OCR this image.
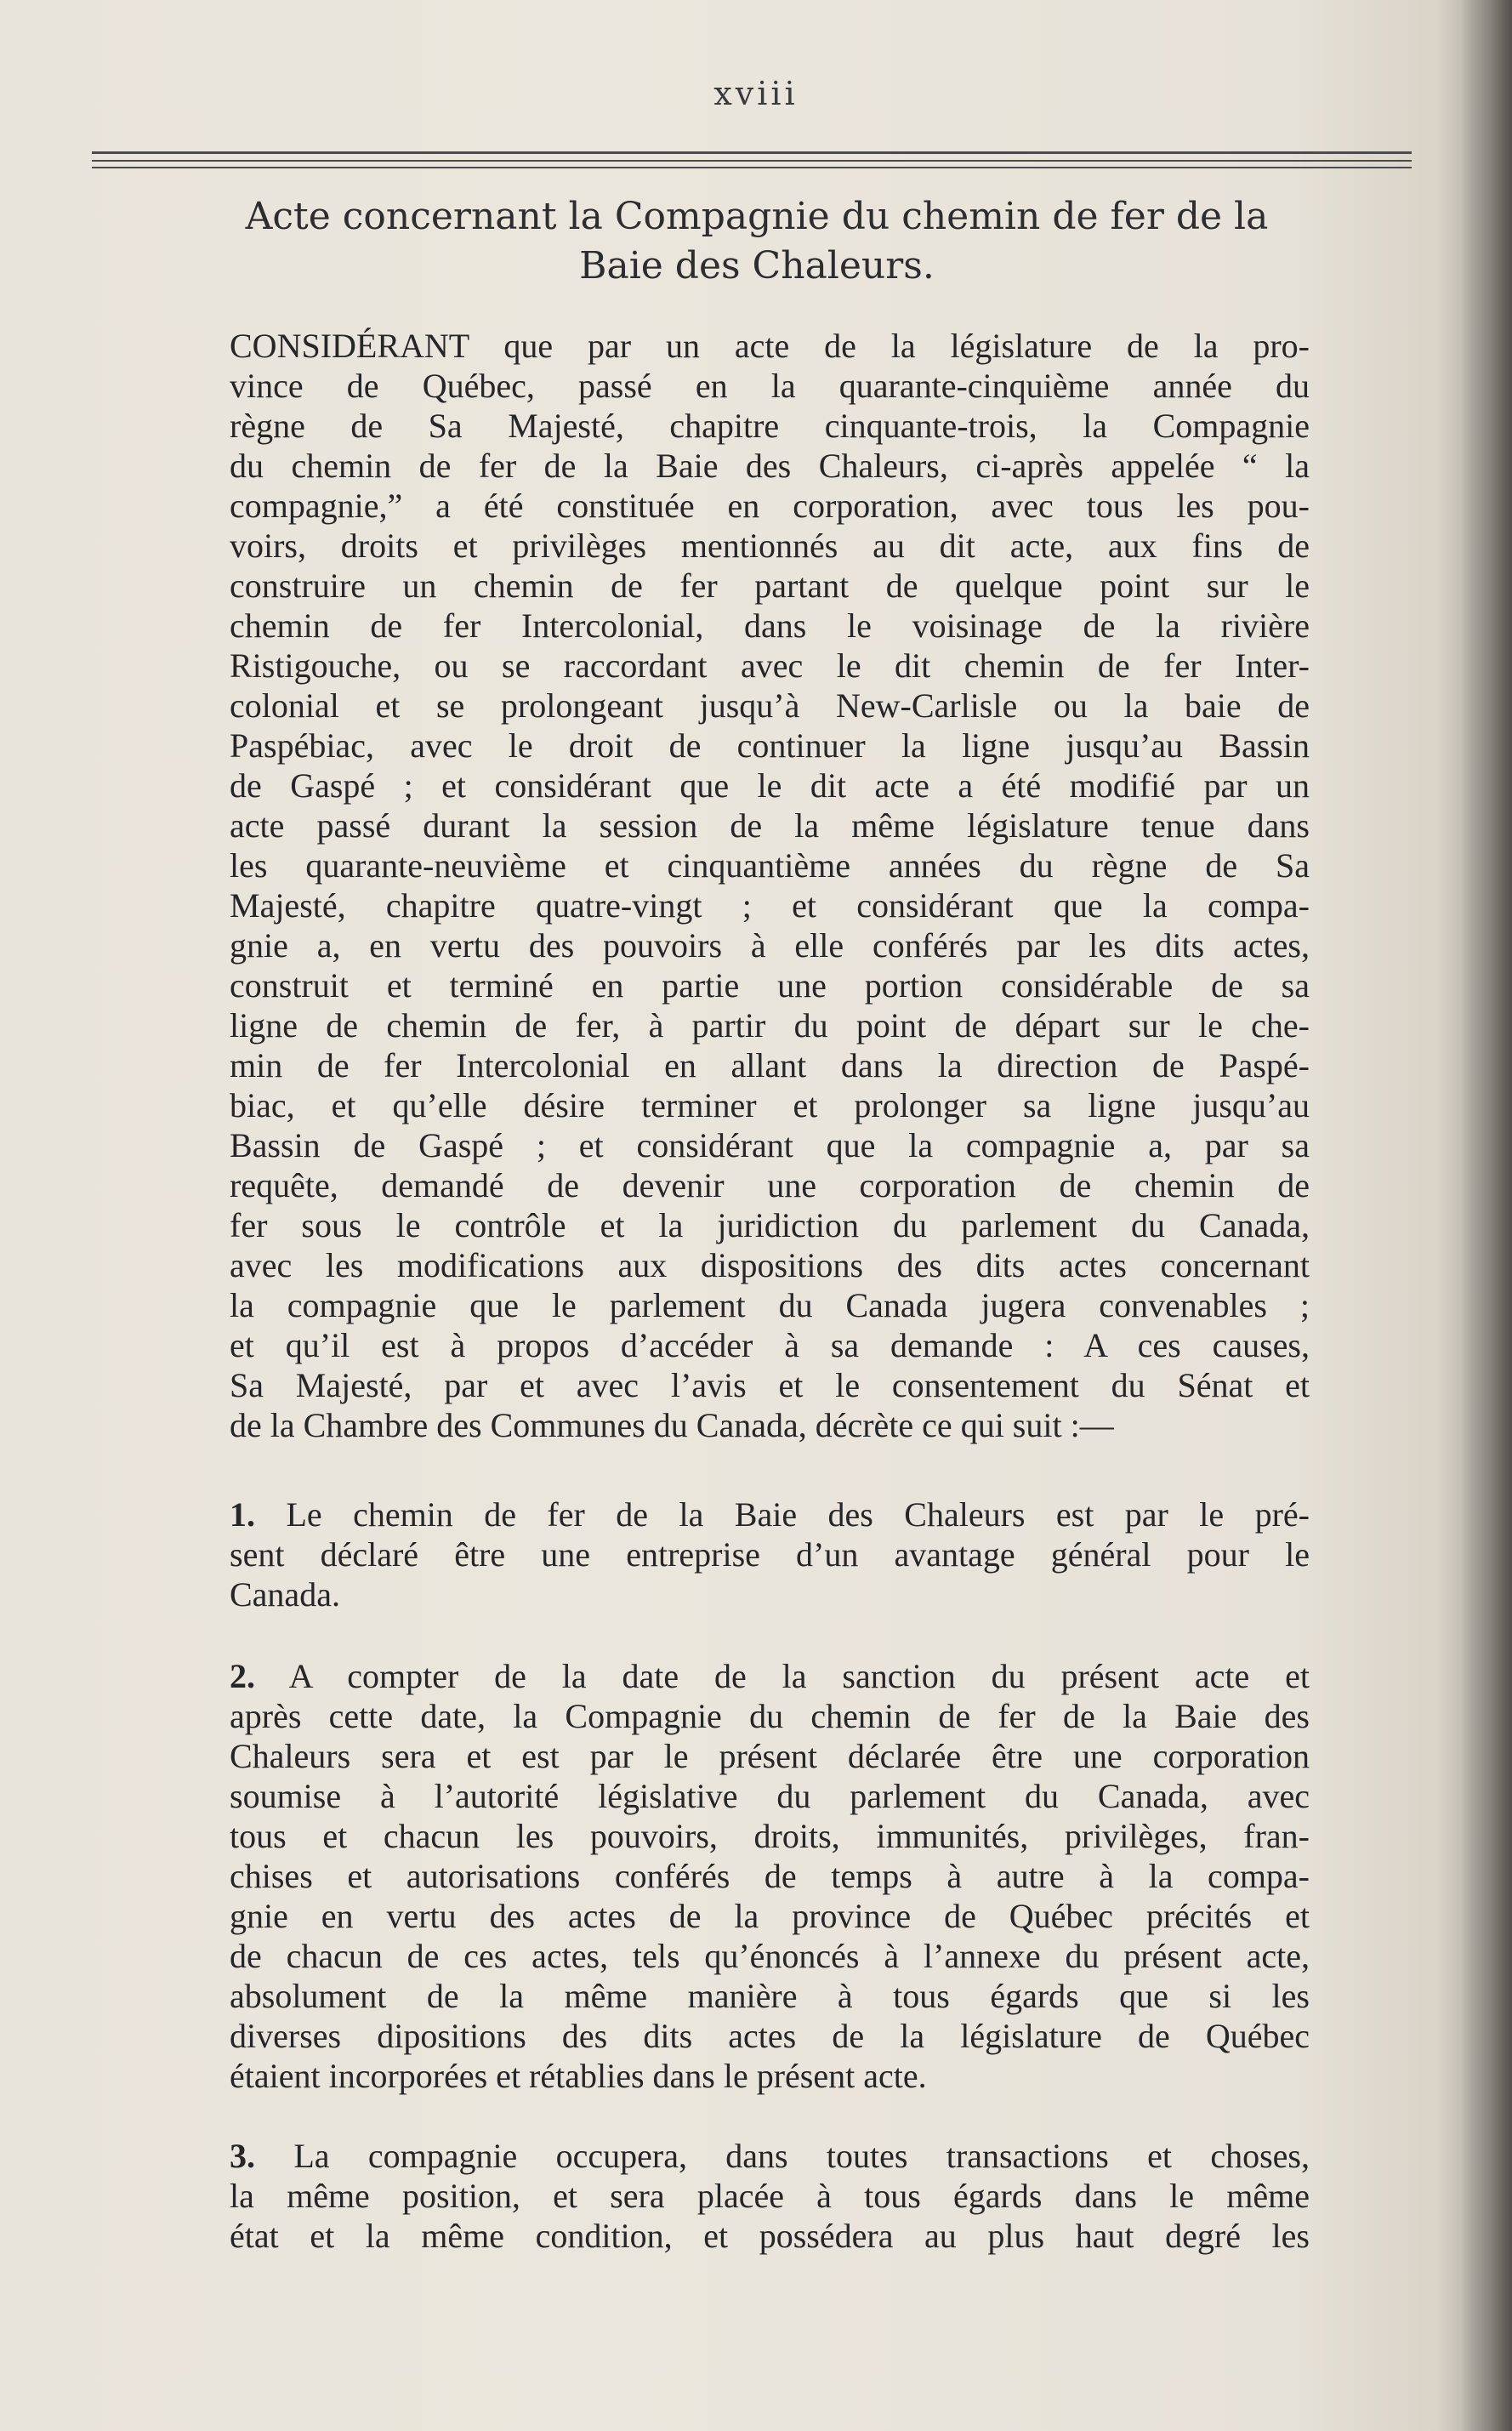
xviii
Acte concernant la Compagnie du chemin de fer de la
Baie des Chaleurs.
CONSIDÉRANT que par un acte de la législature de la pro-
vince de Québec, passé en la quarante-cinquième année du
règne de Sa Majesté, chapitre cinquante-trois, la Compagnie
du chemin de fer de la Baie des Chaleurs, ci-après appelée “ la
compagnie,” a été constituée en corporation, avec tous les pou-
voirs, droits et privilèges mentionnés au dit acte, aux fins de
construire un chemin de fer partant de quelque point sur le
chemin de fer Intercolonial, dans le voisinage de la rivière
Ristigouche, ou se raccordant avec le dit chemin de fer Inter-
colonial et se prolongeant jusqu’à New-Carlisle ou la baie de
Paspébiac, avec le droit de continuer la ligne jusqu’au Bassin
de Gaspé ; et considérant que le dit acte a été modifié par un
acte passé durant la session de la même législature tenue dans
les quarante-neuvième et cinquantième années du règne de Sa
Majesté, chapitre quatre-vingt ; et considérant que la compa-
gnie a, en vertu des pouvoirs à elle conférés par les dits actes,
construit et terminé en partie une portion considérable de sa
ligne de chemin de fer, à partir du point de départ sur le che-
min de fer Intercolonial en allant dans la direction de Paspé-
biac, et qu’elle désire terminer et prolonger sa ligne jusqu’au
Bassin de Gaspé ; et considérant que la compagnie a, par sa
requête, demandé de devenir une corporation de chemin de
fer sous le contrôle et la juridiction du parlement du Canada,
avec les modifications aux dispositions des dits actes concernant
la compagnie que le parlement du Canada jugera convenables ;
et qu’il est à propos d’accéder à sa demande : A ces causes,
Sa Majesté, par et avec l’avis et le consentement du Sénat et
de la Chambre des Communes du Canada, décrète ce qui suit :—
1. Le chemin de fer de la Baie des Chaleurs est par le pré-
sent déclaré être une entreprise d’un avantage général pour le
Canada.
2. A compter de la date de la sanction du présent acte et
après cette date, la Compagnie du chemin de fer de la Baie des
Chaleurs sera et est par le présent déclarée être une corporation
soumise à l’autorité législative du parlement du Canada, avec
tous et chacun les pouvoirs, droits, immunités, privilèges, fran-
chises et autorisations conférés de temps à autre à la compa-
gnie en vertu des actes de la province de Québec précités et
de chacun de ces actes, tels qu’énoncés à l’annexe du présent acte,
absolument de la même manière à tous égards que si les
diverses dipositions des dits actes de la législature de Québec
étaient incorporées et rétablies dans le présent acte.
3. La compagnie occupera, dans toutes transactions et choses,
la même position, et sera placée à tous égards dans le même
état et la même condition, et possédera au plus haut degré les
